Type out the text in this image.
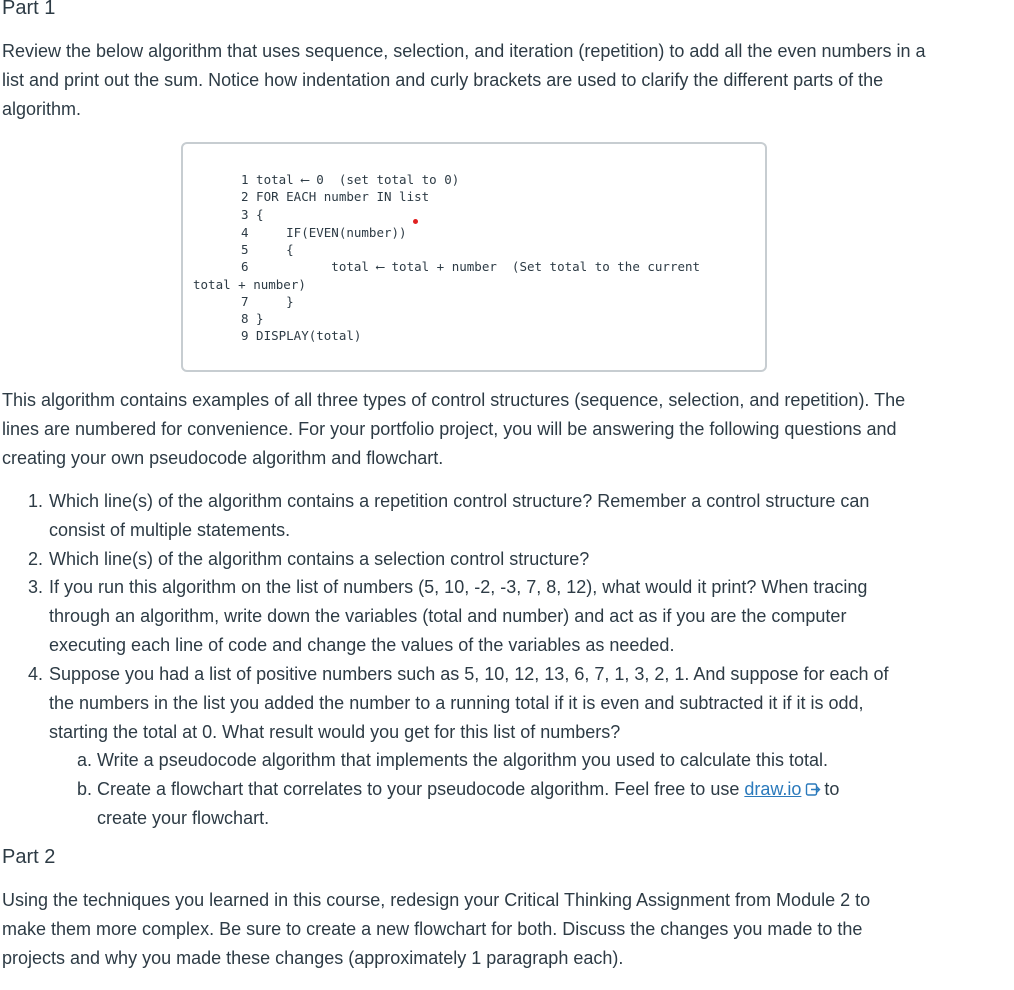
Part 1
Review the below algorithm that uses sequence, selection, and iteration (repetition) to add all the even numbers in a list and print out the sum. Notice how indentation and curly brackets are used to clarify the different parts of the algorithm.
1 total ⟵ 0  (set total to 0)
2 FOR EACH number IN list
3 {
4     IF(EVEN(number))
5     {
6           total ⟵ total + number  (Set total to the current
total + number)
7     }
8 }
9 DISPLAY(total)
This algorithm contains examples of all three types of control structures (sequence, selection, and repetition). The lines are numbered for convenience. For your portfolio project, you will be answering the following questions and creating your own pseudocode algorithm and flowchart.
1. Which line(s) of the algorithm contains a repetition control structure? Remember a control structure can
consist of multiple statements.
2. Which line(s) of the algorithm contains a selection control structure?
3. If you run this algorithm on the list of numbers (5, 10, -2, -3, 7, 8, 12), what would it print? When tracing
through an algorithm, write down the variables (total and number) and act as if you are the computer
executing each line of code and change the values of the variables as needed.
4. Suppose you had a list of positive numbers such as 5, 10, 12, 13, 6, 7, 1, 3, 2, 1. And suppose for each of
the numbers in the list you added the number to a running total if it is even and subtracted it if it is odd,
starting the total at 0. What result would you get for this list of numbers?
a. Write a pseudocode algorithm that implements the algorithm you used to calculate this total.
b. Create a flowchart that correlates to your pseudocode algorithm. Feel free to use draw.io to
create your flowchart.
Part 2
Using the techniques you learned in this course, redesign your Critical Thinking Assignment from Module 2 to
make them more complex. Be sure to create a new flowchart for both. Discuss the changes you made to the
projects and why you made these changes (approximately 1 paragraph each).
